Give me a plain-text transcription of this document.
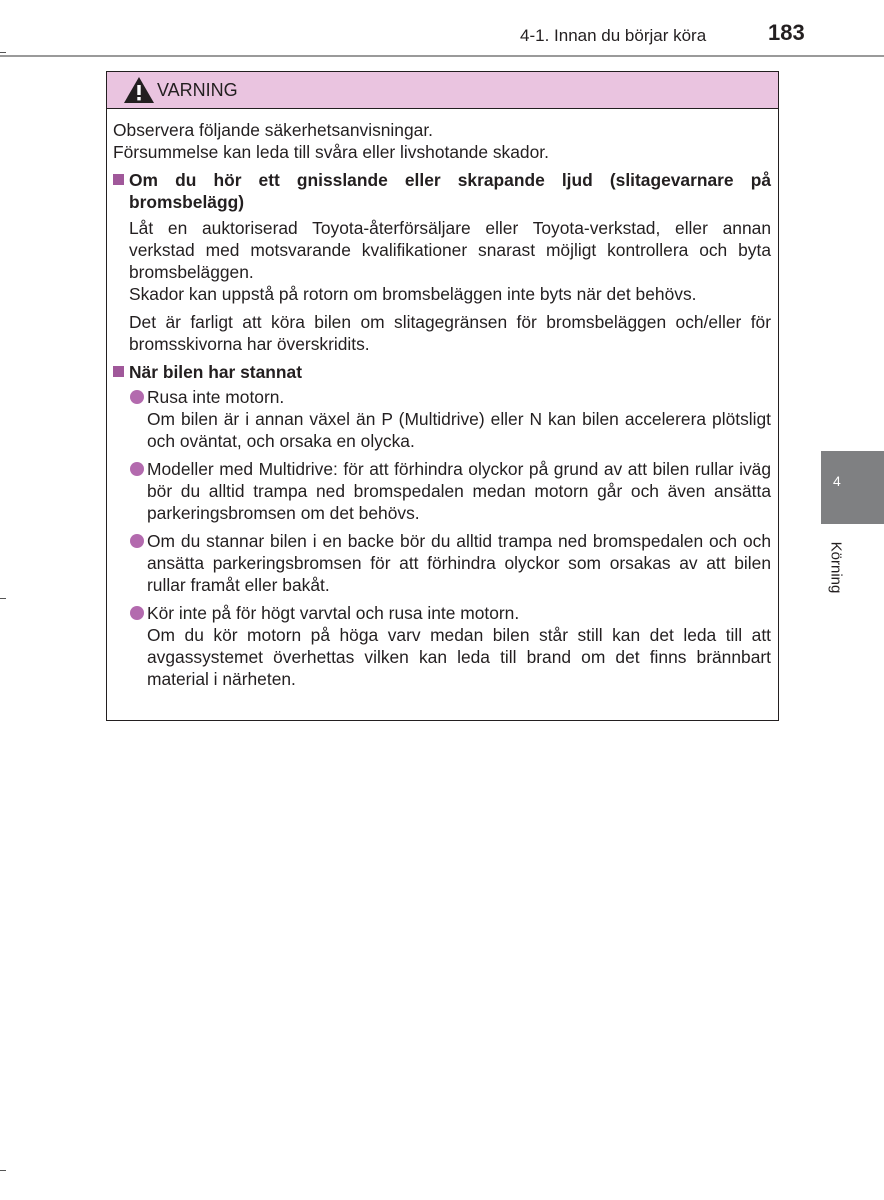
4-1. Innan du börjar köra	183
VARNING

Observera följande säkerhetsanvisningar.

Försummelse kan leda till svåra eller livshotande skador.

Om du hör ett gnisslande eller skrapande ljud (slitagevarnare på bromsbelägg)

Låt en auktoriserad Toyota-återförsäljare eller Toyota-verkstad, eller annan verkstad med motsvarande kvalifikationer snarast möjligt kontrollera och byta bromsbeläggen.

Skador kan uppstå på rotorn om bromsbeläggen inte byts när det behövs.

Det är farligt att köra bilen om slitagegränsen för bromsbeläggen och/eller för bromsskivorna har överskridits.

När bilen har stannat

Rusa inte motorn.

Om bilen är i annan växel än P (Multidrive) eller N kan bilen accelerera plötsligt och oväntat, och orsaka en olycka.

Modeller med Multidrive: för att förhindra olyckor på grund av att bilen rullar iväg bör du alltid trampa ned bromspedalen medan motorn går och även ansätta parkeringsbromsen om det behövs.

Om du stannar bilen i en backe bör du alltid trampa ned bromspedalen och och ansätta parkeringsbromsen för att förhindra olyckor som orsakas av att bilen rullar framåt eller bakåt.

Kör inte på för högt varvtal och rusa inte motorn.

Om du kör motorn på höga varv medan bilen står still kan det leda till att avgassystemet överhettas vilken kan leda till brand om det finns brännbart material i närheten.

4
Körning
